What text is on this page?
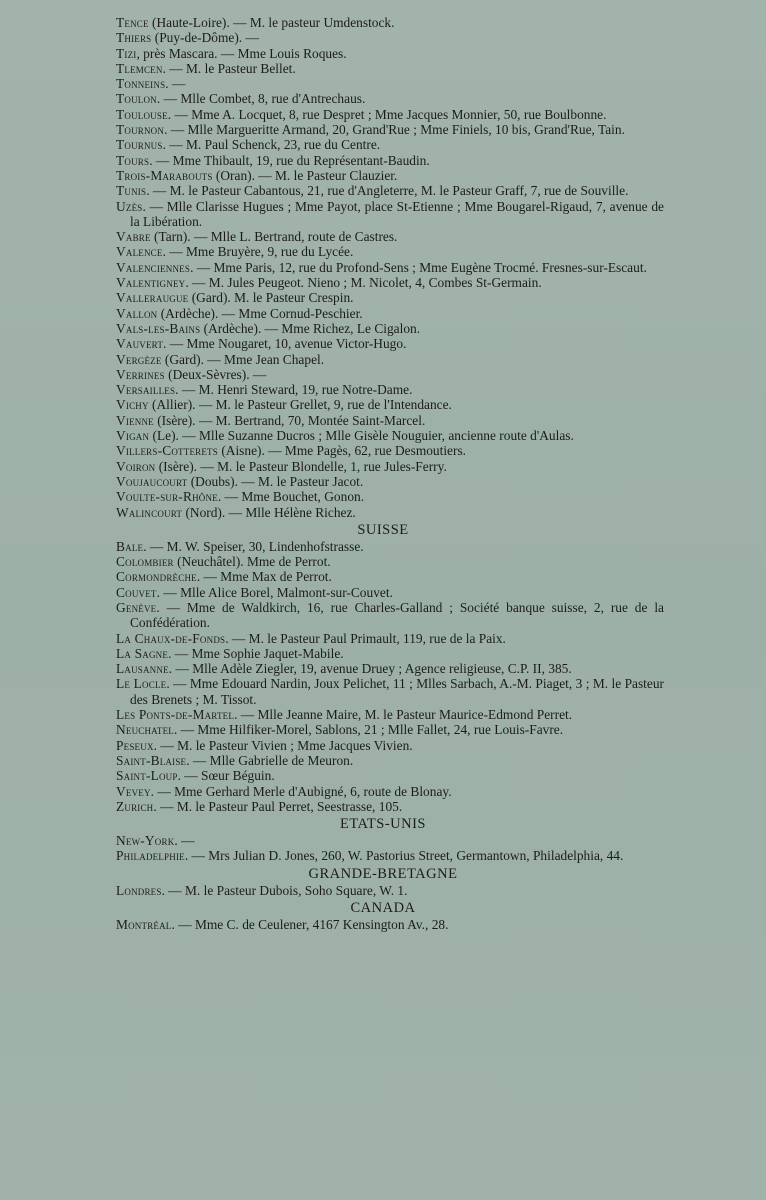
Tence (Haute-Loire). — M. le pasteur Umdenstock.
Thiers (Puy-de-Dôme). —
Tizi, près Mascara. — Mme Louis Roques.
Tlemcen. — M. le Pasteur Bellet.
Tonneins. —
Toulon. — Mlle Combet, 8, rue d'Antrechaus.
Toulouse. — Mme A. Locquet, 8, rue Despret ; Mme Jacques Monnier, 50, rue Boulbonne.
Tournon. — Mlle Margueritte Armand, 20, Grand'Rue ; Mme Finiels, 10 bis, Grand'Rue, Tain.
Tournus. — M. Paul Schenck, 23, rue du Centre.
Tours. — Mme Thibault, 19, rue du Représentant-Baudin.
Trois-Marabouts (Oran). — M. le Pasteur Clauzier.
Tunis. — M. le Pasteur Cabantous, 21, rue d'Angleterre, M. le Pasteur Graff, 7, rue de Souville.
Uzès. — Mlle Clarisse Hugues ; Mme Payot, place St-Etienne ; Mme Bougarel-Rigaud, 7, avenue de la Libération.
Vabre (Tarn). — Mlle L. Bertrand, route de Castres.
Valence. — Mme Bruyère, 9, rue du Lycée.
Valenciennes. — Mme Paris, 12, rue du Profond-Sens ; Mme Eugène Trocmé. Fresnes-sur-Escaut.
Valentigney. — M. Jules Peugeot. Nieno ; M. Nicolet, 4, Combes St-Germain.
Valleraugue (Gard). M. le Pasteur Crespin.
Vallon (Ardèche). — Mme Cornud-Peschier.
Vals-les-Bains (Ardèche). — Mme Richez, Le Cigalon.
Vauvert. — Mme Nougaret, 10, avenue Victor-Hugo.
Vergèze (Gard). — Mme Jean Chapel.
Verrines (Deux-Sèvres). —
Versailles. — M. Henri Steward, 19, rue Notre-Dame.
Vichy (Allier). — M. le Pasteur Grellet, 9, rue de l'Intendance.
Vienne (Isère). — M. Bertrand, 70, Montée Saint-Marcel.
Vigan (Le). — Mlle Suzanne Ducros ; Mlle Gisèle Nouguier, ancienne route d'Aulas.
Villers-Cotterets (Aisne). — Mme Pagès, 62, rue Desmoutiers.
Voiron (Isère). — M. le Pasteur Blondelle, 1, rue Jules-Ferry.
Voujaucourt (Doubs). — M. le Pasteur Jacot.
Voulte-sur-Rhône. — Mme Bouchet, Gonon.
Walincourt (Nord). — Mlle Hélène Richez.
SUISSE
Bale. — M. W. Speiser, 30, Lindenhofstrasse.
Colombier (Neuchâtel). Mme de Perrot.
Cormondrèche. — Mme Max de Perrot.
Couvet. — Mlle Alice Borel, Malmont-sur-Couvet.
Genève. — Mme de Waldkirch, 16, rue Charles-Galland ; Société banque suisse, 2, rue de la Confédération.
La Chaux-de-Fonds. — M. le Pasteur Paul Primault, 119, rue de la Paix.
La Sagne. — Mme Sophie Jaquet-Mabile.
Lausanne. — Mlle Adèle Ziegler, 19, avenue Druey ; Agence religieuse, C.P. II, 385.
Le Locle. — Mme Edouard Nardin, Joux Pelichet, 11 ; Mlles Sarbach, A.-M. Piaget, 3 ; M. le Pasteur des Brenets ; M. Tissot.
Les Ponts-de-Martel. — Mlle Jeanne Maire, M. le Pasteur Maurice-Edmond Perret.
Neuchatel. — Mme Hilfiker-Morel, Sablons, 21 ; Mlle Fallet, 24, rue Louis-Favre.
Peseux. — M. le Pasteur Vivien ; Mme Jacques Vivien.
Saint-Blaise. — Mlle Gabrielle de Meuron.
Saint-Loup. — Sœur Béguin.
Vevey. — Mme Gerhard Merle d'Aubigné, 6, route de Blonay.
Zurich. — M. le Pasteur Paul Perret, Seestrasse, 105.
ETATS-UNIS
New-York. —
Philadelphie. — Mrs Julian D. Jones, 260, W. Pastorius Street, Germantown, Philadelphia, 44.
GRANDE-BRETAGNE
Londres. — M. le Pasteur Dubois, Soho Square, W. 1.
CANADA
Montréal. — Mme C. de Ceulener, 4167 Kensington Av., 28.
